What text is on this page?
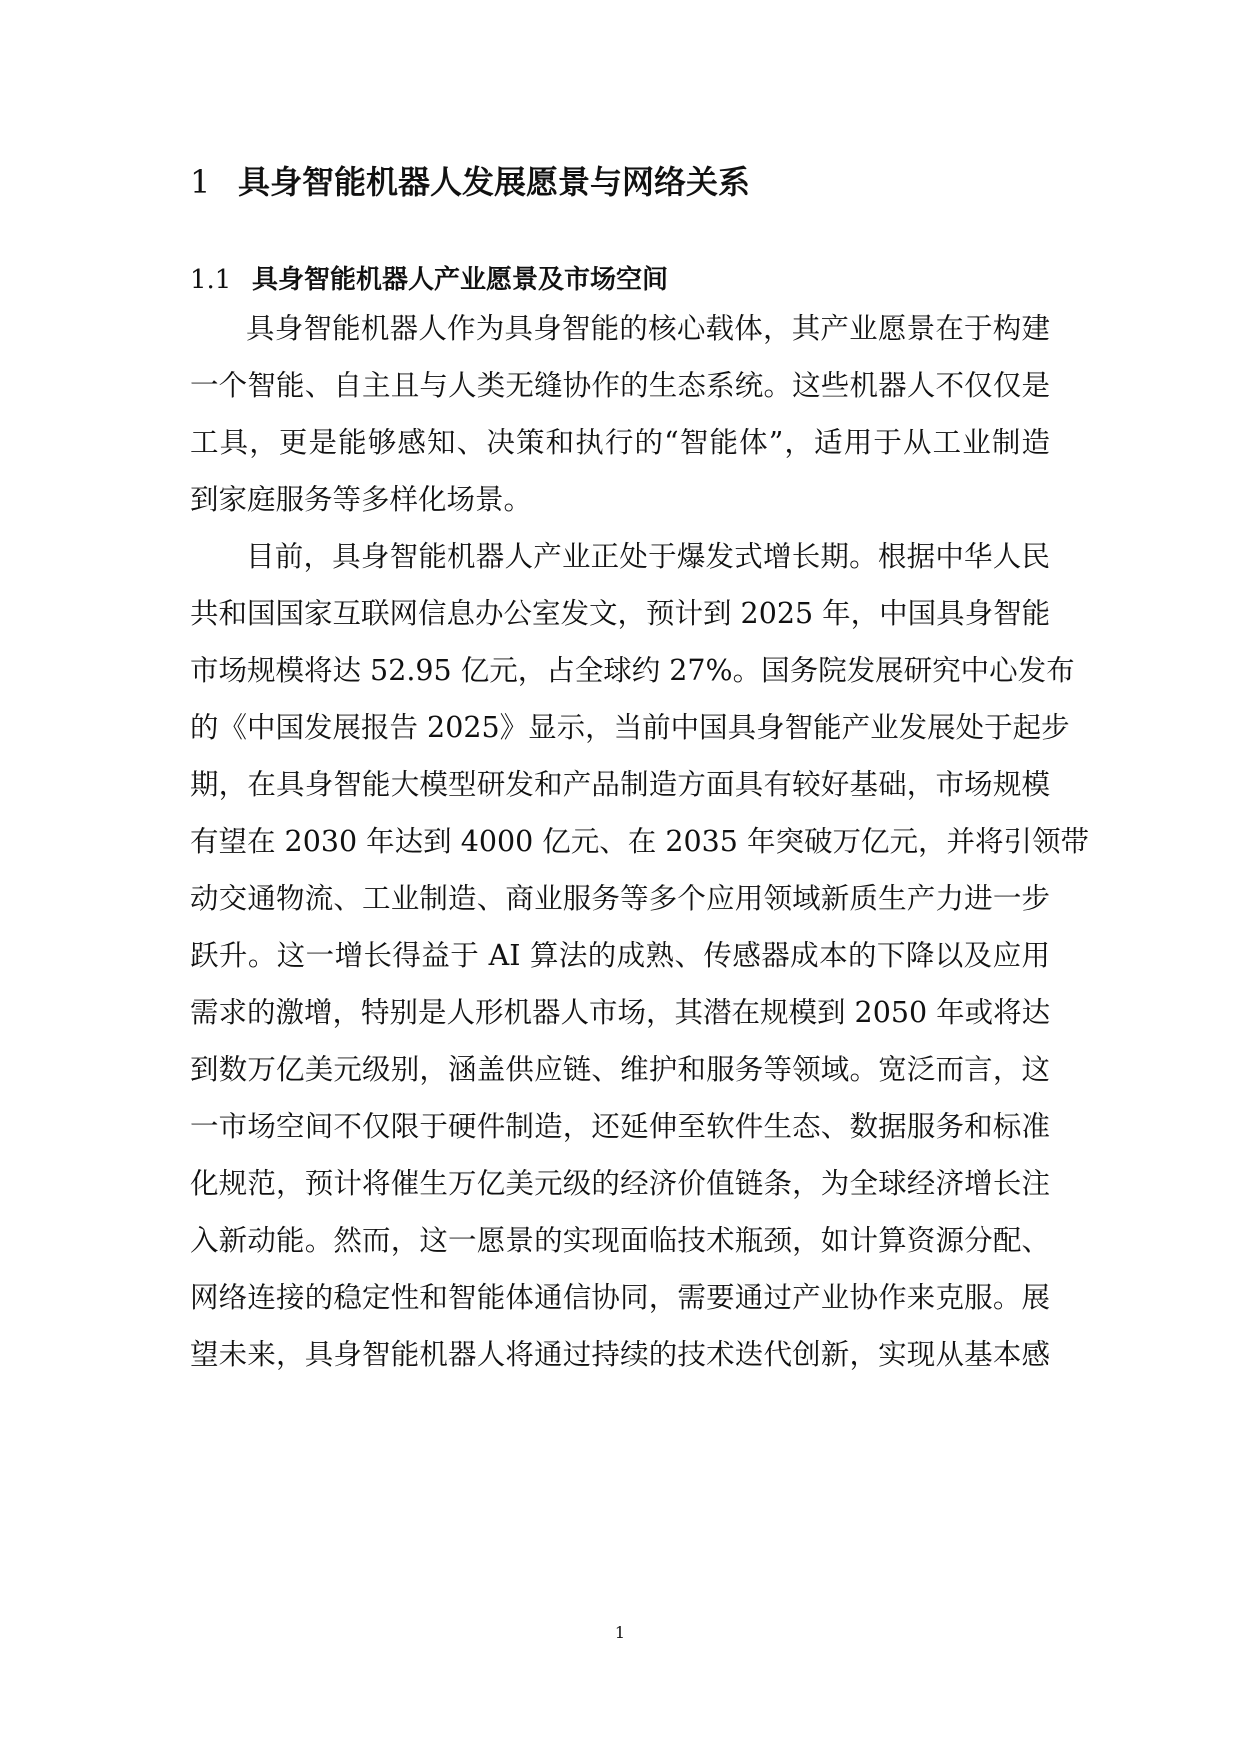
1 具身智能机器人发展愿景与网络关系
1.1 具身智能机器人产业愿景及市场空间
具身智能机器人作为具身智能的核心载体，其产业愿景在于构建
一个智能、自主且与人类无缝协作的生态系统。这些机器人不仅仅是
工具，更是能够感知、决策和执行的“智能体”，适用于从工业制造
到家庭服务等多样化场景。
目前，具身智能机器人产业正处于爆发式增长期。根据中华人民
共和国国家互联网信息办公室发文，预计到 2025 年，中国具身智能
市场规模将达 52.95 亿元，占全球约 27%。国务院发展研究中心发布
的《中国发展报告 2025》显示，当前中国具身智能产业发展处于起步
期，在具身智能大模型研发和产品制造方面具有较好基础，市场规模
有望在 2030 年达到 4000 亿元、在 2035 年突破万亿元，并将引领带
动交通物流、工业制造、商业服务等多个应用领域新质生产力进一步
跃升。这一增长得益于 AI 算法的成熟、传感器成本的下降以及应用
需求的激增，特别是人形机器人市场，其潜在规模到 2050 年或将达
到数万亿美元级别，涵盖供应链、维护和服务等领域。宽泛而言，这
一市场空间不仅限于硬件制造，还延伸至软件生态、数据服务和标准
化规范，预计将催生万亿美元级的经济价值链条，为全球经济增长注
入新动能。然而，这一愿景的实现面临技术瓶颈，如计算资源分配、
网络连接的稳定性和智能体通信协同，需要通过产业协作来克服。展
望未来，具身智能机器人将通过持续的技术迭代创新，实现从基本感
1
